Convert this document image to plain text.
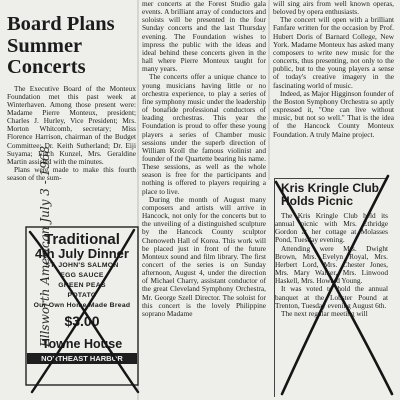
Board Plans Summer Concerts

The Executive Board of the Monteux Foundation met this past week at Winterhaven. Among those present were: Madame Pierre Monteux, president; Charles J. Hurley, Vice President; Mrs. Morton Whitcomb, secretary; Miss Florence Harrison, chairman of the Budget Committee; Dr. Keith Sutherland; Dr. Eiji Suyama; Erich Kunzel, Mrs. Geraldine Martin assisted with the minutes.

Plans were made to make this fourth season of the sum-

Traditional
4th July Dinner
ST. JOHN'S SALMON
EGG SAUCE
GREEN PEAS
POTATO
Our Own Home Made Bread
$3.00
Towne House
NORTHEAST HARBOR
Ellsworth American July 3 - 1968

mer concerts at the Forest Studio gala events. A brilliant array of conductors and soloists will be presented in the four Sunday concerts and the last Thursday evening. The Foundation wishes to impress the public with the ideas and ideal behind these concerts given in the hall where Pierre Monteux taught for many years.

The concerts offer a unique chance to young musicians having little or no orchestra experience, to play a series of fine symphony music under the leadership of bonafide professional conductors of leading orchestras. This year the Foundation is proud to offer these young players a series of Chamber music sessions under the superb direction of William Kroll the famous violinist and founder of the Quartette bearing his name. These sessions, as well as the whole season is free for the participants and nothing is offered to players requiring a place to live.

During the month of August many composers and artists will arrive in Hancock, not only for the concerts but to the unveiling of a distinguished sculpture by the Hancock County sculptor Chenoweth Hall of Korea. This work will be placed just in front of the future Monteux sound and film library. The first concert of the series is on Sunday afternoon, August 4, under the direction of Michael Charry, assistant conductor of the great Cleveland Symphony Orchestra, Mr. George Szell Director. The soloist for this concert is the lovely Philippine soprano Madame

will sing airs from well known operas, beloved by opera enthusiasts.

The concert will open with a brilliant Fanfare written for the occasion by Prof. Hubert Doris of Barnard College, New York. Madame Monteux has asked many composers to write new music for the concerts, thus presenting, not only to the public, but to the young players a sense of today's creative imagery in the fascinating world of music.

Indeed, as Major Higginson founder of the Boston Symphony Orchestra so aptly expressed it, "One can live without music, but not so well." That is the idea of the Hancock County Monteux Foundation. A truly Maine project.

Kris Kringle Club Holds Picnic

The Kris Kringle Club held its annual picnic with Mrs. Ethridge Gordon at her cottage at Molasses Pond, Tuesday evening.

Attending were Mrs. Dwight Brown, Mrs. Evelyn Royal, Mrs. Herbert Lord, Mrs. Chester Jones, Mrs. Mary Walker, Mrs. Linwood Haskell, Mrs. Howard Young.

It was voted to hold the annual banquet at the Lobster Pound at Trenton, Tuesday evening August 6th.

The next regular meeting will
